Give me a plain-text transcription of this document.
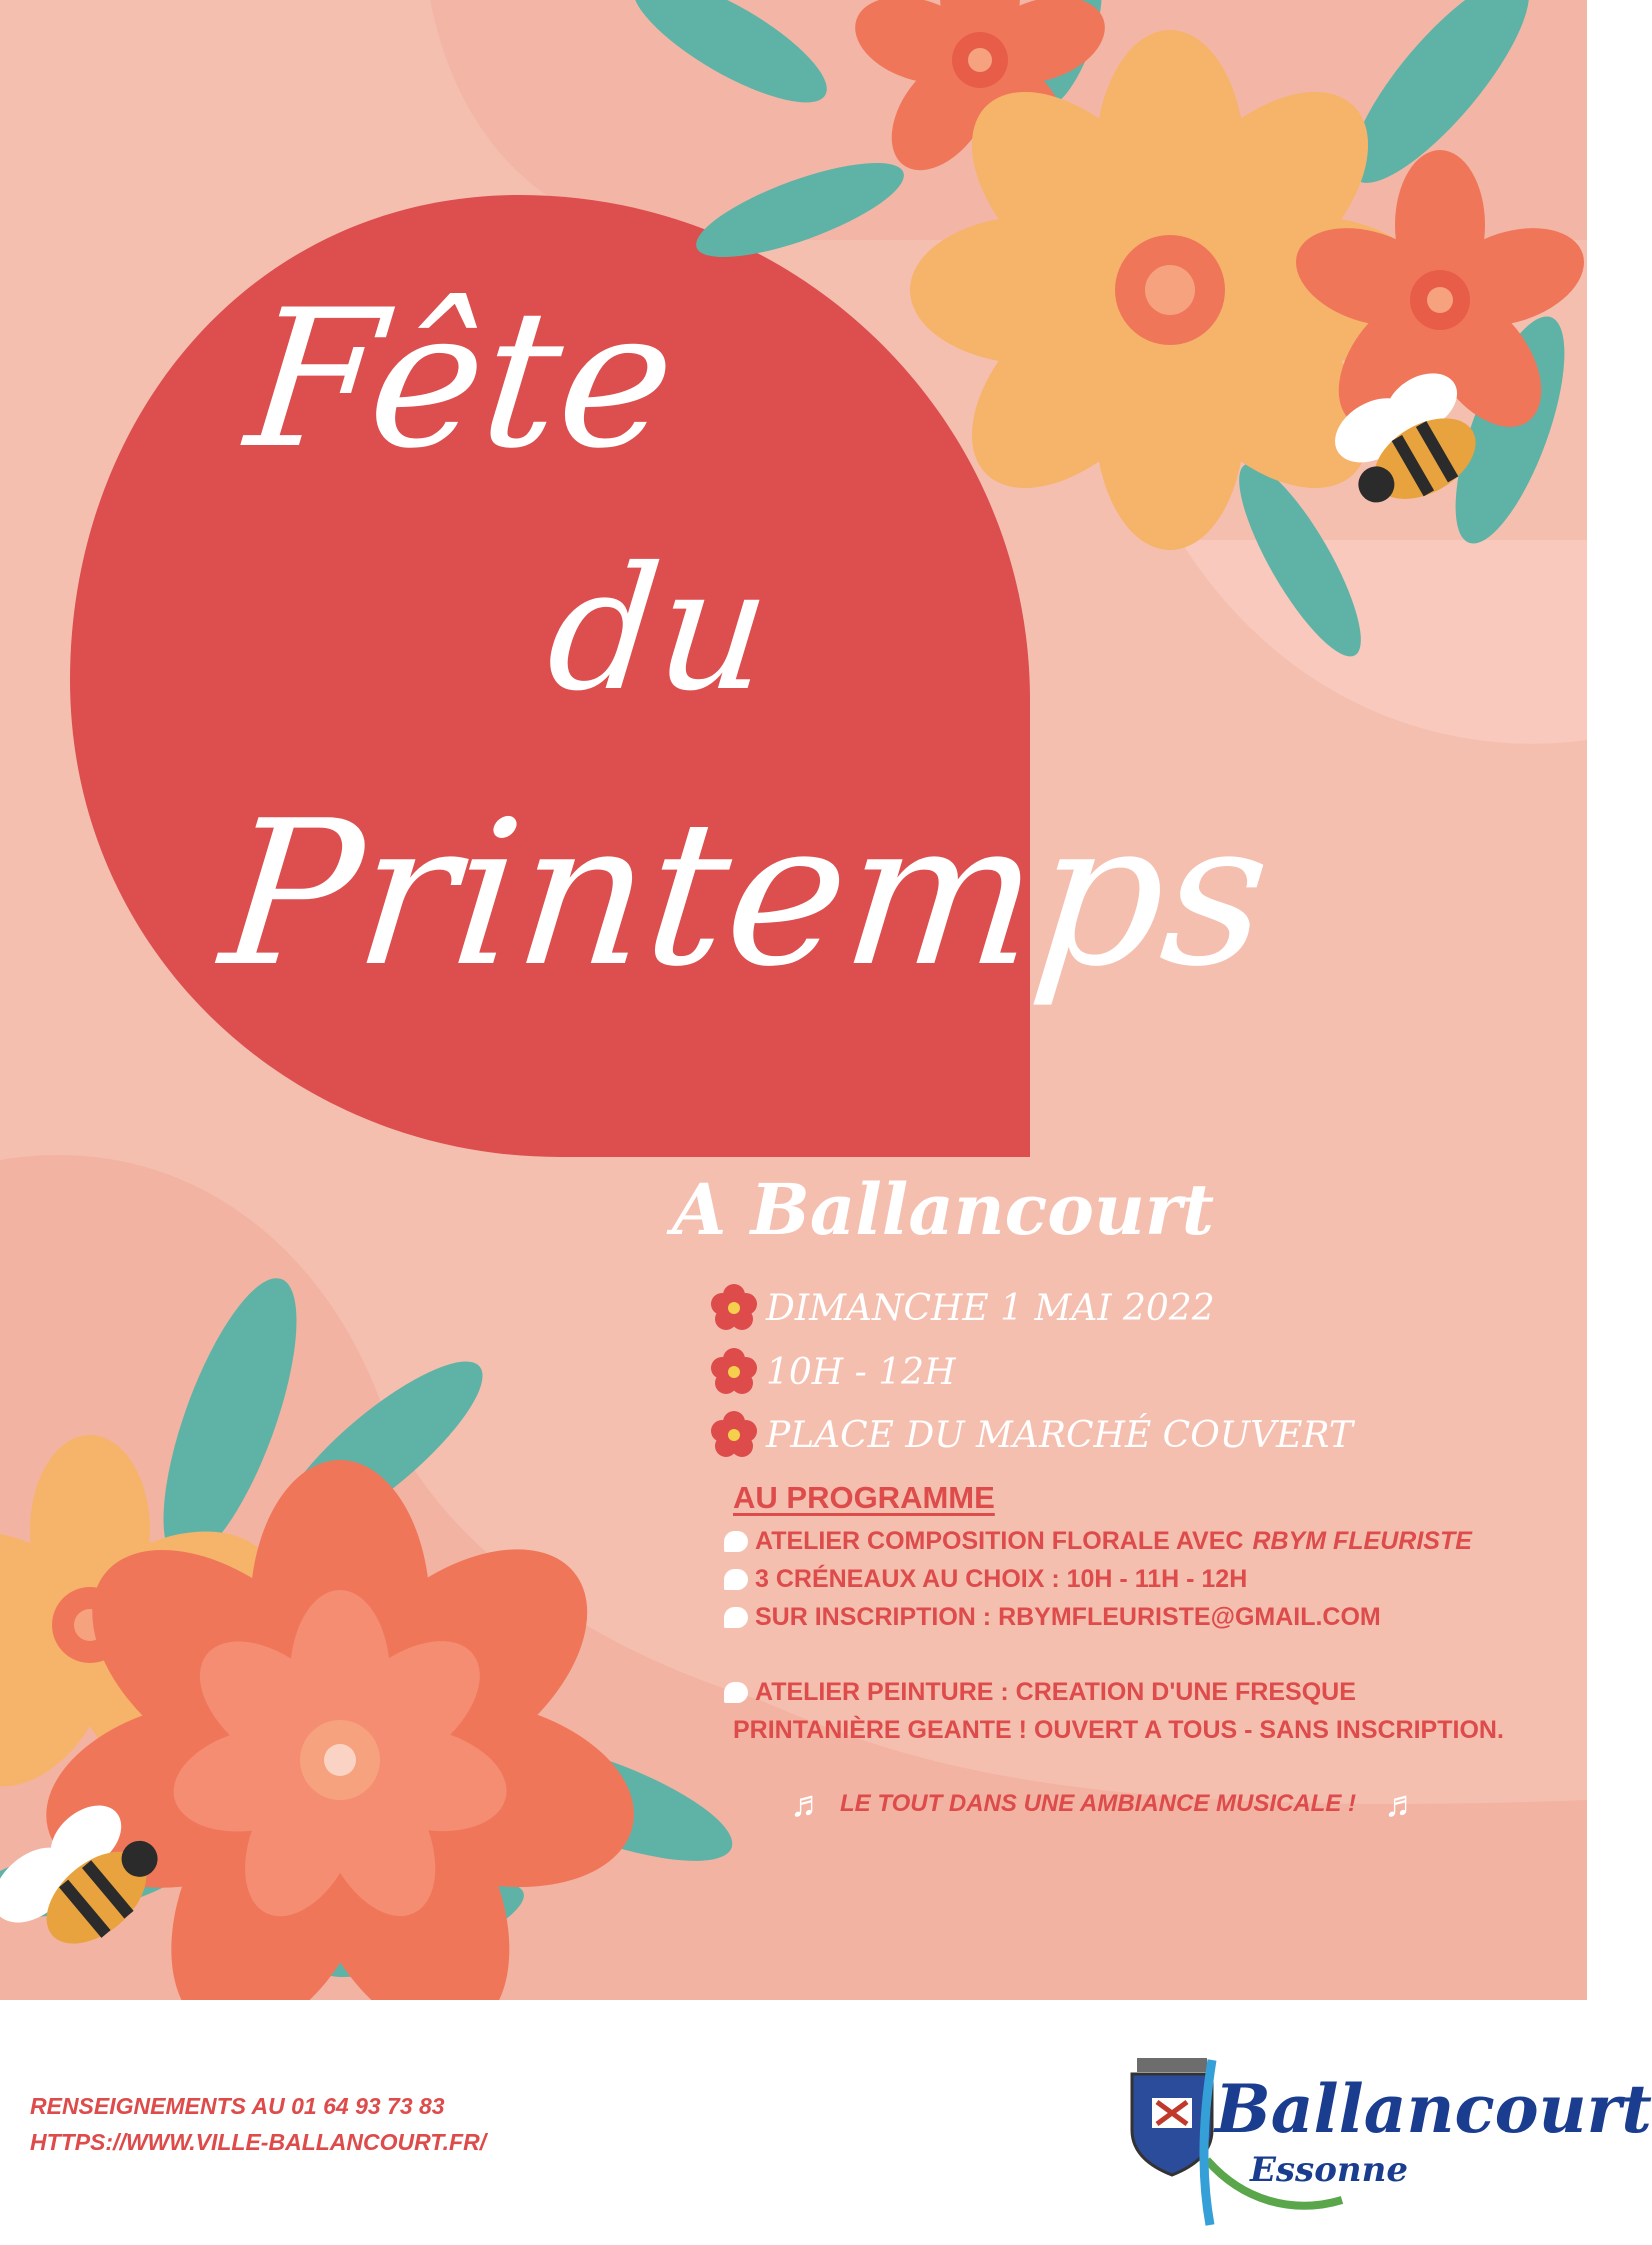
Fête
du
Printemps
A Ballancourt
DIMANCHE 1 MAI 2022
10H - 12H
PLACE DU MARCHÉ COUVERT
AU PROGRAMME
ATELIER COMPOSITION FLORALE AVEC RBYM FLEURISTE
3 CRÉNEAUX AU CHOIX : 10H - 11H - 12H
SUR INSCRIPTION : RBYMFLEURISTE@GMAIL.COM
ATELIER PEINTURE : CREATION D'UNE FRESQUE
PRINTANIÈRE GEANTE ! OUVERT A TOUS - SANS INSCRIPTION.
♬ LE TOUT DANS UNE AMBIANCE MUSICALE ! ♬
RENSEIGNEMENTS AU 01 64 93 73 83
HTTPS://WWW.VILLE-BALLANCOURT.FR/	Ballancourt
Essonne
